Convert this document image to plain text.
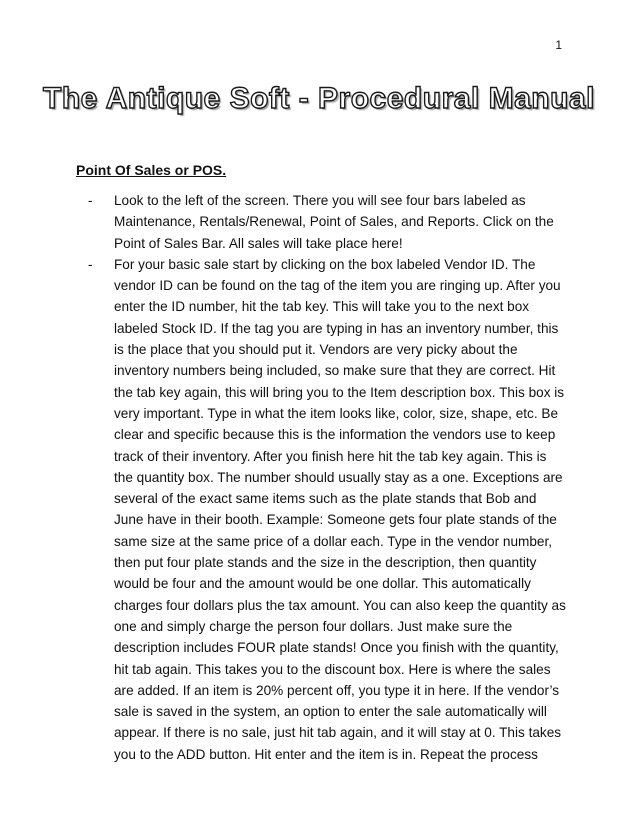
1
The Antique Soft - Procedural Manual
Point Of Sales or POS.
- Look to the left of the screen. There you will see four bars labeled as Maintenance, Rentals/Renewal, Point of Sales, and Reports. Click on the Point of Sales Bar. All sales will take place here!
- For your basic sale start by clicking on the box labeled Vendor ID. The vendor ID can be found on the tag of the item you are ringing up. After you enter the ID number, hit the tab key. This will take you to the next box labeled Stock ID. If the tag you are typing in has an inventory number, this is the place that you should put it. Vendors are very picky about the inventory numbers being included, so make sure that they are correct. Hit the tab key again, this will bring you to the Item description box. This box is very important. Type in what the item looks like, color, size, shape, etc. Be clear and specific because this is the information the vendors use to keep track of their inventory. After you finish here hit the tab key again. This is the quantity box. The number should usually stay as a one. Exceptions are several of the exact same items such as the plate stands that Bob and June have in their booth. Example: Someone gets four plate stands of the same size at the same price of a dollar each. Type in the vendor number, then put four plate stands and the size in the description, then quantity would be four and the amount would be one dollar. This automatically charges four dollars plus the tax amount. You can also keep the quantity as one and simply charge the person four dollars. Just make sure the description includes FOUR plate stands! Once you finish with the quantity, hit tab again. This takes you to the discount box. Here is where the sales are added. If an item is 20% percent off, you type it in here. If the vendor’s sale is saved in the system, an option to enter the sale automatically will appear. If there is no sale, just hit tab again, and it will stay at 0. This takes you to the ADD button. Hit enter and the item is in. Repeat the process
